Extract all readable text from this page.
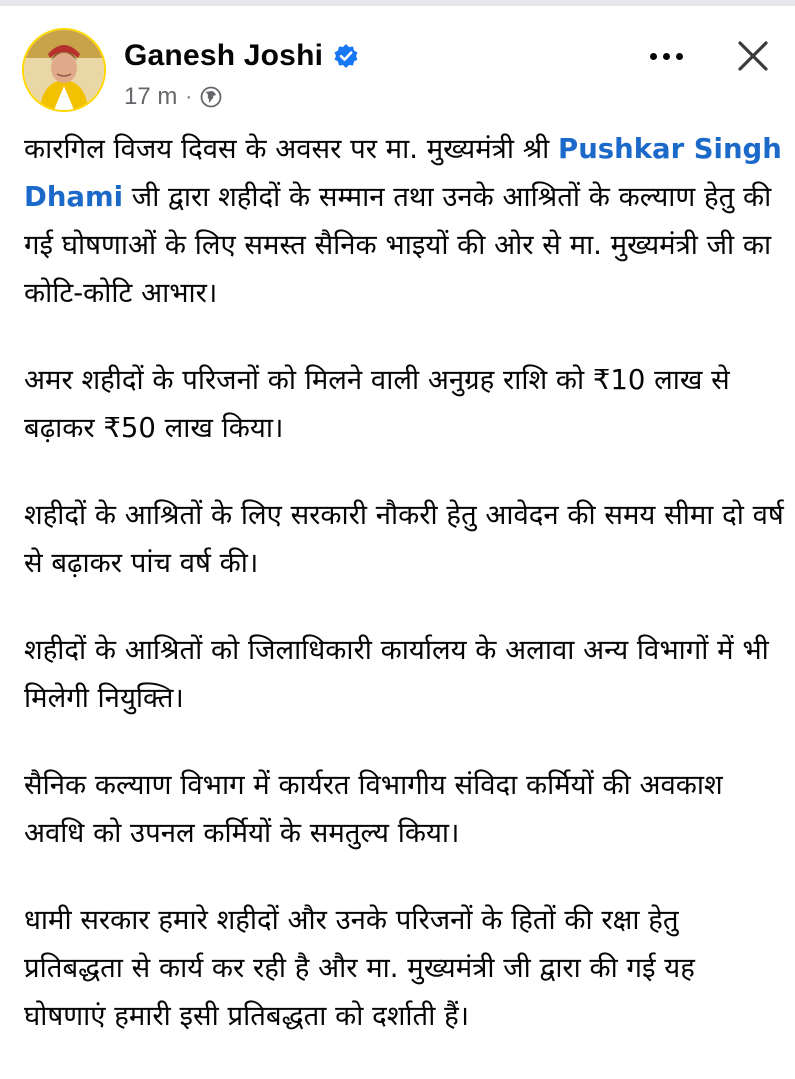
Ganesh Joshi
17 m ·

कारगिल विजय दिवस के अवसर पर मा. मुख्यमंत्री श्री Pushkar Singh Dhami जी द्वारा शहीदों के सम्मान तथा उनके आश्रितों के कल्याण हेतु की गई घोषणाओं के लिए समस्त सैनिक भाइयों की ओर से मा. मुख्यमंत्री जी का कोटि-कोटि आभार।

अमर शहीदों के परिजनों को मिलने वाली अनुग्रह राशि को ₹10 लाख से बढ़ाकर ₹50 लाख किया।

शहीदों के आश्रितों के लिए सरकारी नौकरी हेतु आवेदन की समय सीमा दो वर्ष से बढ़ाकर पांच वर्ष की।

शहीदों के आश्रितों को जिलाधिकारी कार्यालय के अलावा अन्य विभागों में भी मिलेगी नियुक्ति।

सैनिक कल्याण विभाग में कार्यरत विभागीय संविदा कर्मियों की अवकाश अवधि को उपनल कर्मियों के समतुल्य किया।

धामी सरकार हमारे शहीदों और उनके परिजनों के हितों की रक्षा हेतु प्रतिबद्धता से कार्य कर रही है और मा. मुख्यमंत्री जी द्वारा की गई यह घोषणाएं हमारी इसी प्रतिबद्धता को दर्शाती हैं।
